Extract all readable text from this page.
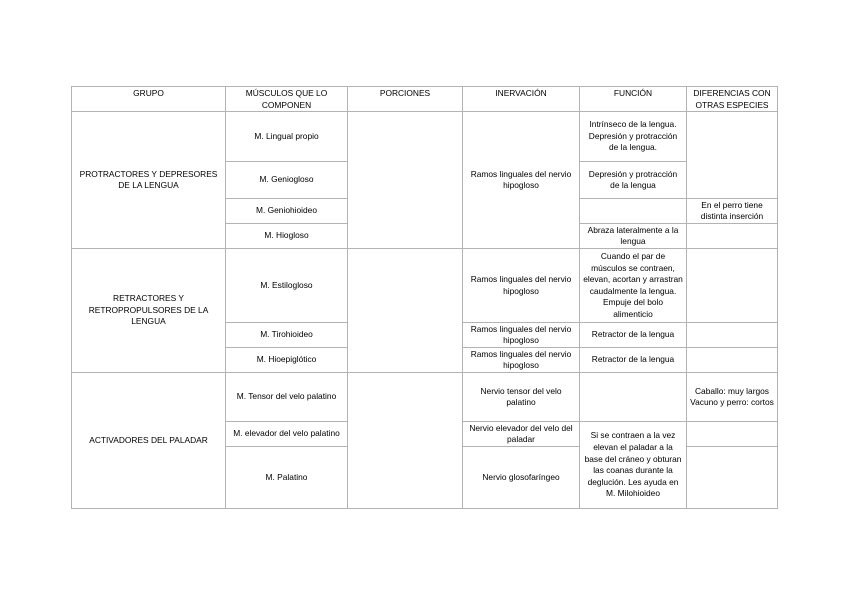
GRUPO	MÚSCULOS QUE LO COMPONEN	PORCIONES	INERVACIÓN	FUNCIÓN	DIFERENCIAS CON OTRAS ESPECIES
PROTRACTORES Y DEPRESORES DE LA LENGUA	M. Lingual propio		Ramos linguales del nervio hipogloso	Intrínseco de la lengua. Depresión y protracción de la lengua.	
	M. Geniogloso			Depresión y protracción de la lengua	
	M. Geniohioideo				En el perro tiene distinta inserción
	M. Hiogloso			Abraza lateralmente a la lengua	
RETRACTORES Y RETROPROPULSORES DE LA LENGUA	M. Estilogloso		Ramos linguales del nervio hipogloso	Cuando el par de músculos se contraen, elevan, acortan y arrastran caudalmente la lengua. Empuje del bolo alimenticio	
	M. Tirohioideo		Ramos linguales del nervio hipogloso	Retractor de la lengua	
	M. Hioepiglótico		Ramos linguales del nervio hipogloso	Retractor de la lengua	
ACTIVADORES DEL PALADAR	M. Tensor del velo palatino		Nervio tensor del velo palatino		Caballo: muy largos Vacuno y perro: cortos
	M. elevador del velo palatino		Nervio elevador del velo del paladar	Si se contraen a la vez elevan el paladar a la base del cráneo y obturan las coanas durante la deglución. Les ayuda en M. Milohioideo	
	M. Palatino		Nervio glosofaríngeo		
